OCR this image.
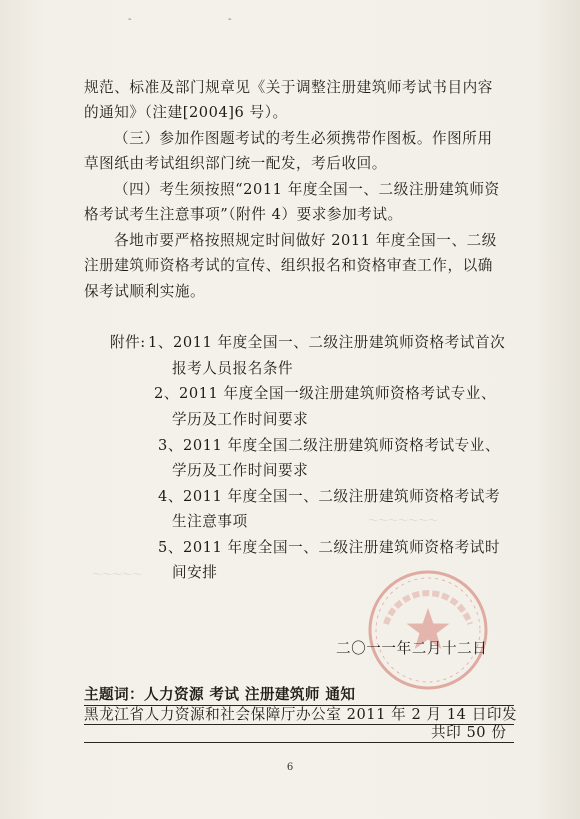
-	-
～～～～～～～
～～～～～
规范、标准及部门规章见《关于调整注册建筑师考试书目内容
的通知》（注建[2004]6 号）。
（三）参加作图题考试的考生必须携带作图板。作图所用
草图纸由考试组织部门统一配发，考后收回。
（四）考生须按照“2011 年度全国一、二级注册建筑师资
格考试考生注意事项”（附件 4）要求参加考试。
各地市要严格按照规定时间做好 2011 年度全国一、二级
注册建筑师资格考试的宣传、组织报名和资格审查工作，以确
保考试顺利实施。
附件: 1、2011 年度全国一、二级注册建筑师资格考试首次
报考人员报名条件
2、2011 年度全国一级注册建筑师资格考试专业、
学历及工作时间要求
3、2011 年度全国二级注册建筑师资格考试专业、
学历及工作时间要求
4、2011 年度全国一、二级注册建筑师资格考试考
生注意事项
5、2011 年度全国一、二级注册建筑师资格考试时
间安排
二〇一一年二月十二日
主题词：人力资源 考试 注册建筑师 通知
黑龙江省人力资源和社会保障厅办公室 2011 年 2 月 14 日印发
共印 50 份
6
